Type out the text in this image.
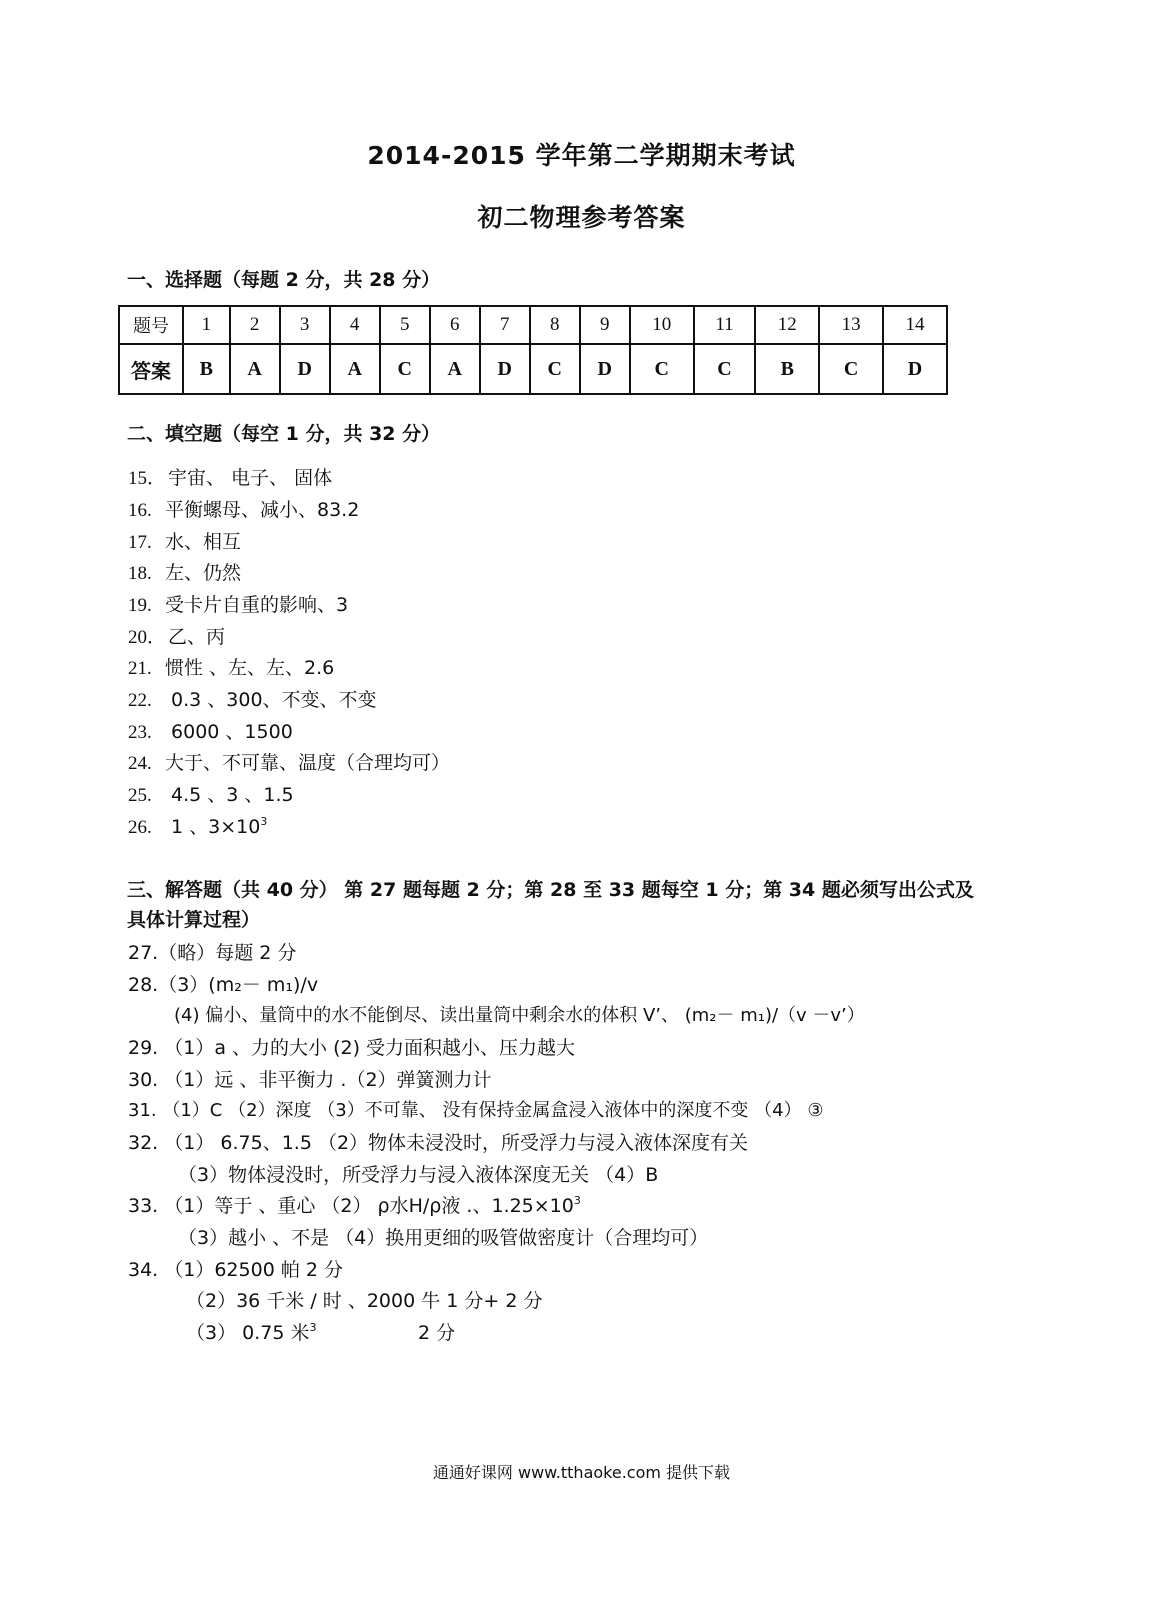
2014-2015 学年第二学期期末考试
初二物理参考答案
一、选择题（每题 2 分，共 28 分）
题号	1	2	3	4	5	6	7	8	9	10	11	12	13	14
答案	B	A	D	A	C	A	D	C	D	C	C	B	C	D
二、填空题（每空 1 分，共 32 分）
15． 宇宙、 电子、 固体
16. 平衡螺母、减小、83.2
17. 水、相互
18. 左、仍然
19. 受卡片自重的影响、3
20． 乙、丙
21. 惯性 、左、左、2.6
22. 0.3 、300、不变、不变
23. 6000 、1500
24. 大于、不可靠、温度（合理均可）
25. 4.5 、3 、1.5
26. 1 、$3\times 10^3$
三、解答题（共 40 分） 第 27 题每题 2 分；第 28 至 33 题每空 1 分；第 34 题必须写出公式及
具体计算过程）
27.（略）每题 2 分
28.（3）(m₂－ m₁)/v
(4) 偏小、量筒中的水不能倒尽、读出量筒中剩余水的体积 V’、 (m₂－ m₁)/（v －v’）
29. （1）a 、力的大小 (2) 受力面积越小、压力越大
30. （1）远 、非平衡力 .（2）弹簧测力计
31. （1）C （2）深度 （3）不可靠、 没有保持金属盒浸入液体中的深度不变 （4） ③
32. （1） 6.75、1.5 （2）物体未浸没时，所受浮力与浸入液体深度有关
（3）物体浸没时，所受浮力与浸入液体深度无关 （4）B
33. （1）等于 、重心 （2） ρ水H/ρ液 .、$1.25\times 10^3$
（3）越小 、不是 （4）换用更细的吸管做密度计（合理均可）
34. （1）62500 帕 2 分
（2）36 千米 / 时 、2000 牛 1 分+ 2 分
（3） 0.75 米$^3$	2 分
通通好课网 www.tthaoke.com 提供下载
